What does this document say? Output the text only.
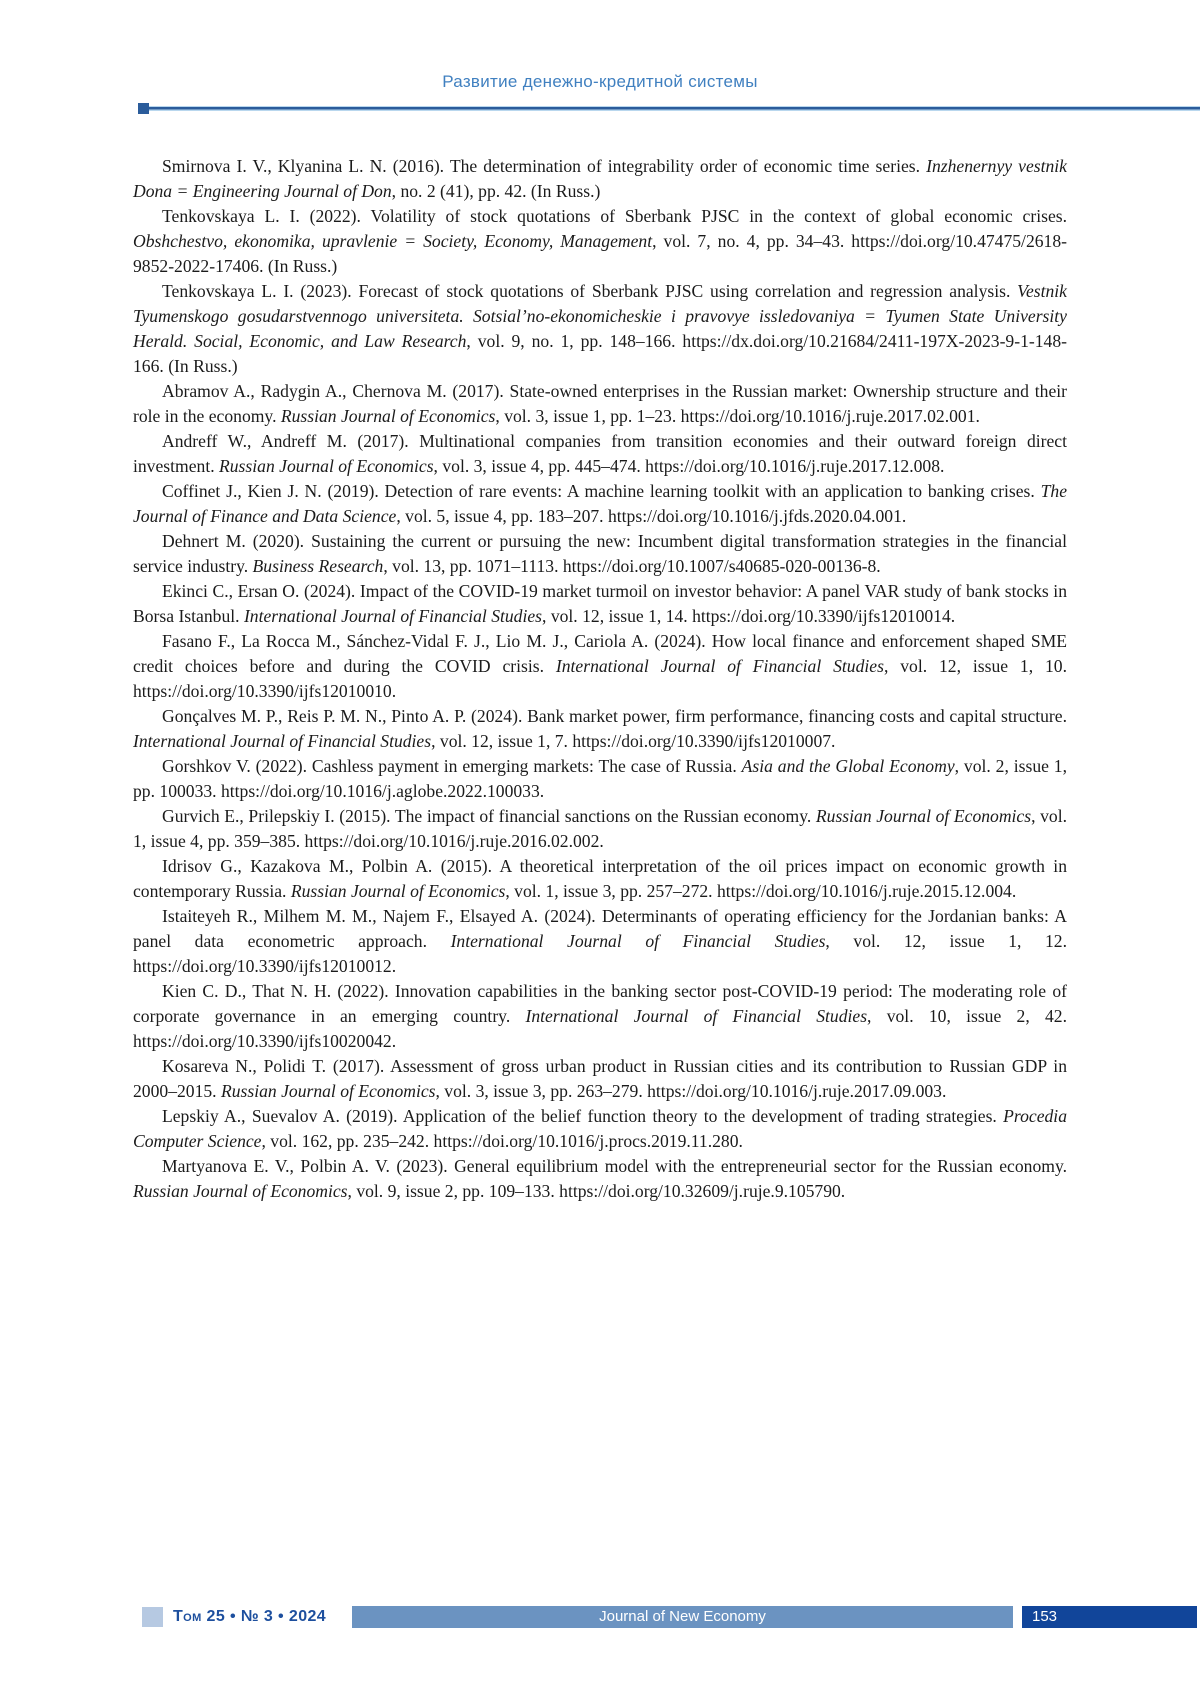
Развитие денежно-кредитной системы

Smirnova I. V., Klyanina L. N. (2016). The determination of integrability order of economic time series. Inzhenernyy vestnik Dona = Engineering Journal of Don, no. 2 (41), pp. 42. (In Russ.)

Tenkovskaya L. I. (2022). Volatility of stock quotations of Sberbank PJSC in the context of global economic crises. Obshchestvo, ekonomika, upravlenie = Society, Economy, Management, vol. 7, no. 4, pp. 34–43. https://doi.org/10.47475/2618-9852-2022-17406. (In Russ.)

Tenkovskaya L. I. (2023). Forecast of stock quotations of Sberbank PJSC using correlation and regression analysis. Vestnik Tyumenskogo gosudarstvennogo universiteta. Sotsial’no-ekonomicheskie i pravovye issledovaniya = Tyumen State University Herald. Social, Economic, and Law Research, vol. 9, no. 1, pp. 148–166. https://dx.doi.org/10.21684/2411-197X-2023-9-1-148-166. (In Russ.)

Abramov A., Radygin A., Chernova M. (2017). State-owned enterprises in the Russian market: Ownership structure and their role in the economy. Russian Journal of Economics, vol. 3, issue 1, pp. 1–23. https://doi.org/10.1016/j.ruje.2017.02.001.

Andreff W., Andreff M. (2017). Multinational companies from transition economies and their outward foreign direct investment. Russian Journal of Economics, vol. 3, issue 4, pp. 445–474. https://doi.org/10.1016/j.ruje.2017.12.008.

Coffinet J., Kien J. N. (2019). Detection of rare events: A machine learning toolkit with an application to banking crises. The Journal of Finance and Data Science, vol. 5, issue 4, pp. 183–207. https://doi.org/10.1016/j.jfds.2020.04.001.

Dehnert M. (2020). Sustaining the current or pursuing the new: Incumbent digital transformation strategies in the financial service industry. Business Research, vol. 13, pp. 1071–1113. https://doi.org/10.1007/s40685-020-00136-8.

Ekinci C., Ersan O. (2024). Impact of the COVID-19 market turmoil on investor behavior: A panel VAR study of bank stocks in Borsa Istanbul. International Journal of Financial Studies, vol. 12, issue 1, 14. https://doi.org/10.3390/ijfs12010014.

Fasano F., La Rocca M., Sánchez-Vidal F. J., Lio M. J., Cariola A. (2024). How local finance and enforcement shaped SME credit choices before and during the COVID crisis. International Journal of Financial Studies, vol. 12, issue 1, 10. https://doi.org/10.3390/ijfs12010010.

Gonçalves M. P., Reis P. M. N., Pinto A. P. (2024). Bank market power, firm performance, financing costs and capital structure. International Journal of Financial Studies, vol. 12, issue 1, 7. https://doi.org/10.3390/ijfs12010007.

Gorshkov V. (2022). Cashless payment in emerging markets: The case of Russia. Asia and the Global Economy, vol. 2, issue 1, pp. 100033. https://doi.org/10.1016/j.aglobe.2022.100033.

Gurvich E., Prilepskiy I. (2015). The impact of financial sanctions on the Russian economy. Russian Journal of Economics, vol. 1, issue 4, pp. 359–385. https://doi.org/10.1016/j.ruje.2016.02.002.

Idrisov G., Kazakova M., Polbin A. (2015). A theoretical interpretation of the oil prices impact on economic growth in contemporary Russia. Russian Journal of Economics, vol. 1, issue 3, pp. 257–272. https://doi.org/10.1016/j.ruje.2015.12.004.

Istaiteyeh R., Milhem M. M., Najem F., Elsayed A. (2024). Determinants of operating efficiency for the Jordanian banks: A panel data econometric approach. International Journal of Financial Studies, vol. 12, issue 1, 12. https://doi.org/10.3390/ijfs12010012.

Kien C. D., That N. H. (2022). Innovation capabilities in the banking sector post-COVID-19 period: The moderating role of corporate governance in an emerging country. International Journal of Financial Studies, vol. 10, issue 2, 42. https://doi.org/10.3390/ijfs10020042.

Kosareva N., Polidi T. (2017). Assessment of gross urban product in Russian cities and its contribution to Russian GDP in 2000–2015. Russian Journal of Economics, vol. 3, issue 3, pp. 263–279. https://doi.org/10.1016/j.ruje.2017.09.003.

Lepskiy A., Suevalov A. (2019). Application of the belief function theory to the development of trading strategies. Procedia Computer Science, vol. 162, pp. 235–242. https://doi.org/10.1016/j.procs.2019.11.280.

Martyanova E. V., Polbin A. V. (2023). General equilibrium model with the entrepreneurial sector for the Russian economy. Russian Journal of Economics, vol. 9, issue 2, pp. 109–133. https://doi.org/10.32609/j.ruje.9.105790.

Том 25 • № 3 • 2024	Journal of New Economy	153
